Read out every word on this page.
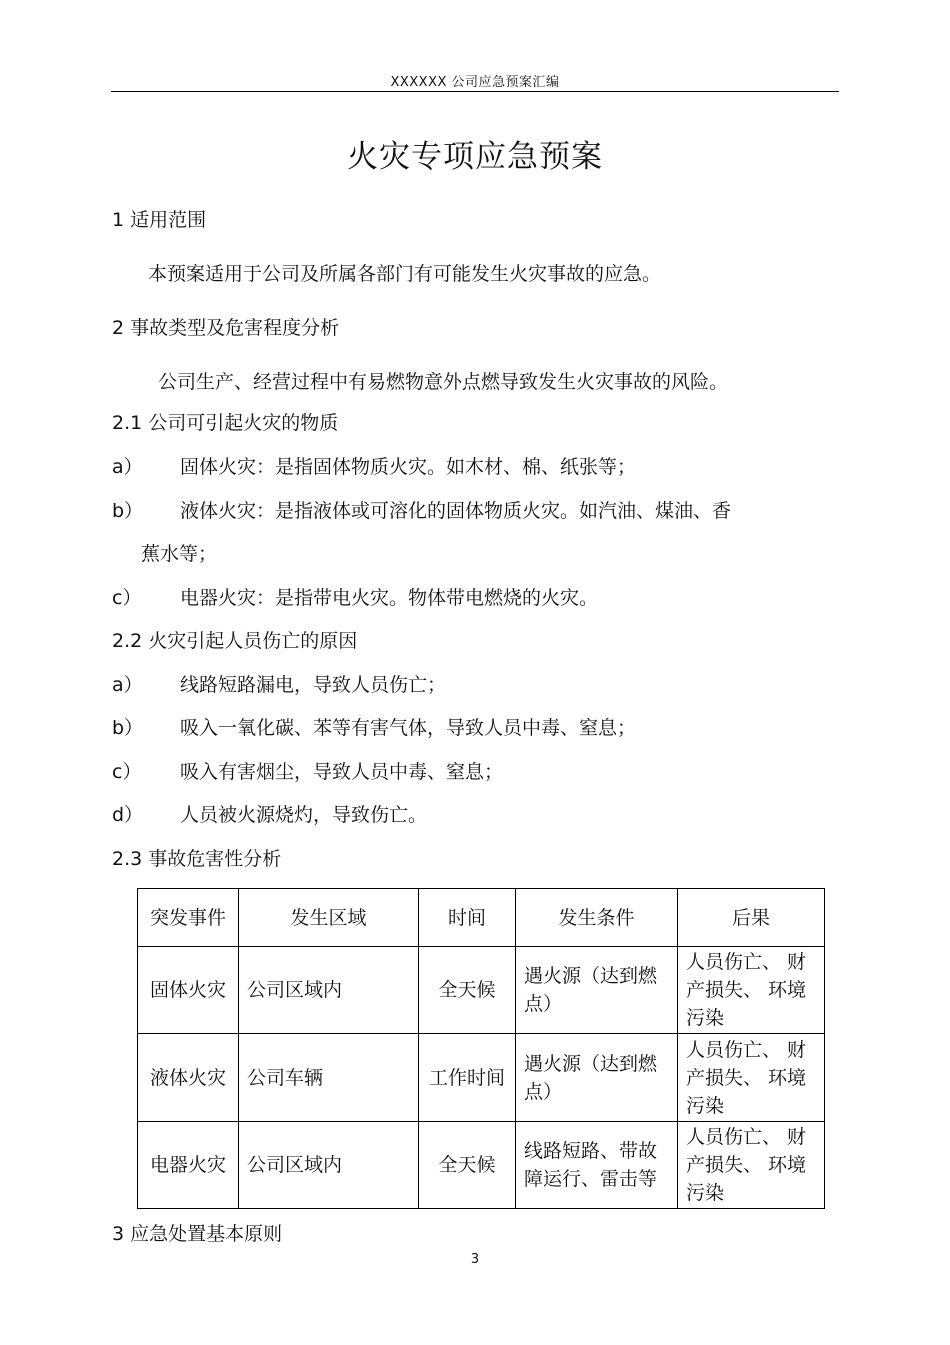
XXXXXX 公司应急预案汇编
火灾专项应急预案
1 适用范围
本预案适用于公司及所属各部门有可能发生火灾事故的应急。
2 事故类型及危害程度分析
公司生产、经营过程中有易燃物意外点燃导致发生火灾事故的风险。
2.1 公司可引起火灾的物质
a） 固体火灾：是指固体物质火灾。如木材、棉、纸张等；
b） 液体火灾：是指液体或可溶化的固体物质火灾。如汽油、煤油、香
蕉水等；
c） 电器火灾：是指带电火灾。物体带电燃烧的火灾。
2.2 火灾引起人员伤亡的原因
a） 线路短路漏电，导致人员伤亡；
b） 吸入一氧化碳、苯等有害气体，导致人员中毒、窒息；
c） 吸入有害烟尘，导致人员中毒、窒息；
d） 人员被火源烧灼，导致伤亡。
2.3 事故危害性分析
突发事件	发生区域	时间	发生条件	后果
固体火灾	公司区域内	全天候	遇火源（达到燃点）	人员伤亡、 财产损失、 环境污染
液体火灾	公司车辆	工作时间	遇火源（达到燃点）	人员伤亡、 财产损失、 环境污染
电器火灾	公司区域内	全天候	线路短路、带故障运行、雷击等	人员伤亡、 财产损失、 环境污染
3 应急处置基本原则
3
